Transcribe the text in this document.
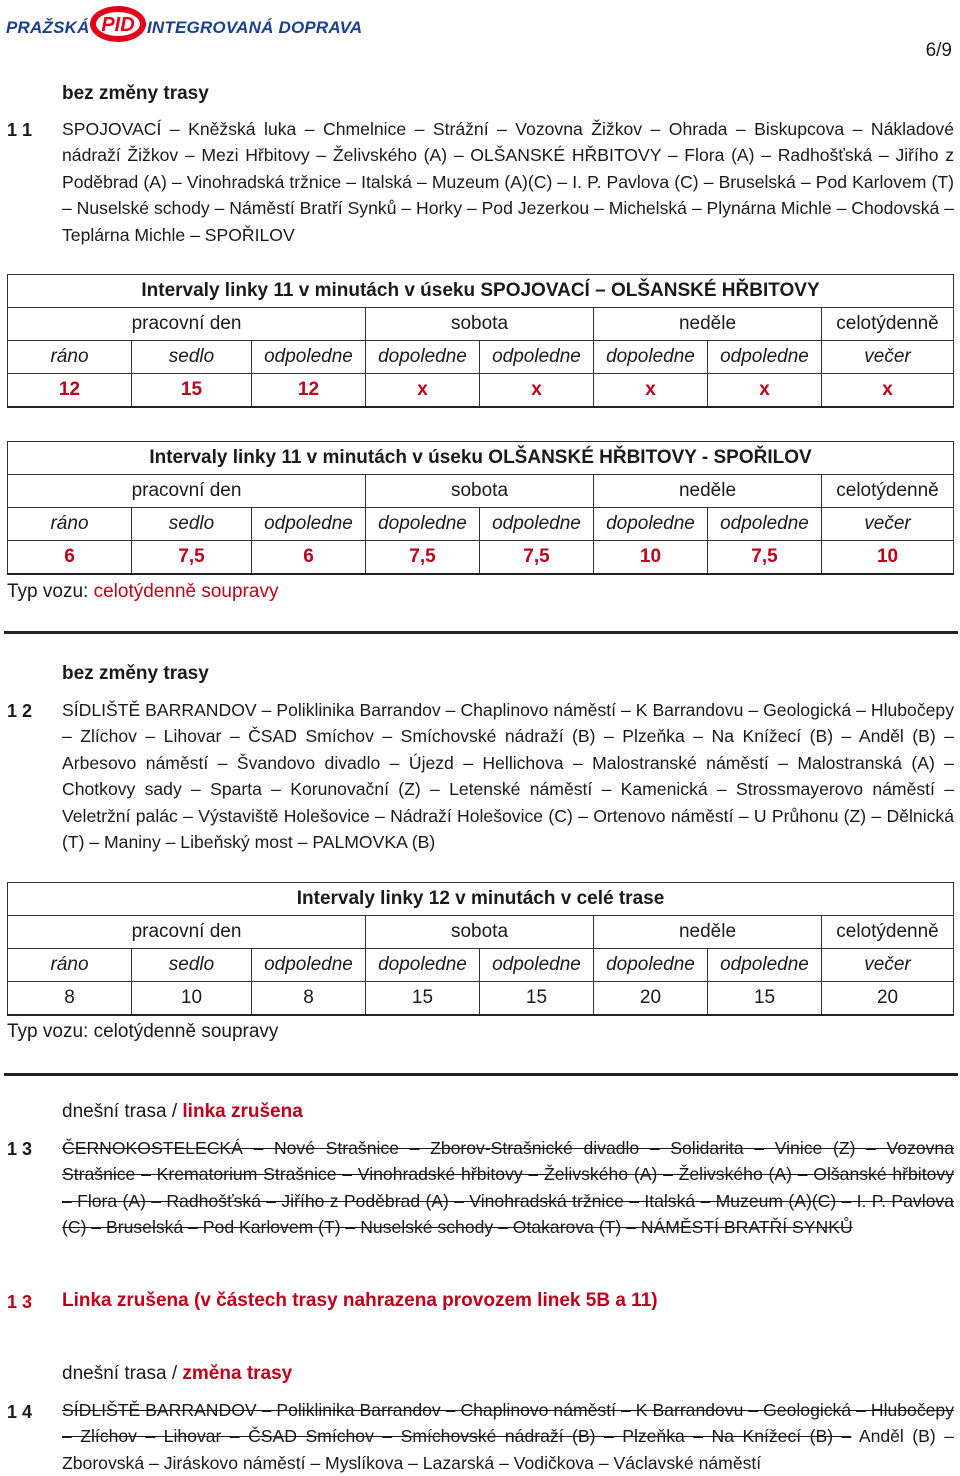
PRAŽSKÁ PID INTEGROVANÁ DOPRAVA
6/9
bez změny trasy
1 1 SPOJOVACÍ – Kněžská luka – Chmelnice – Strážní – Vozovna Žižkov – Ohrada – Biskupcova – Nákladové nádraží Žižkov – Mezi Hřbitovy – Želivského (A) – OLŠANSKÉ HŘBITOVY – Flora (A) – Radhošťská – Jiřího z Poděbrad (A) – Vinohradská tržnice – Italská – Muzeum (A)(C) – I. P. Pavlova (C) – Bruselská – Pod Karlovem (T) – Nuselské schody – Náměstí Bratří Synků – Horky – Pod Jezerkou – Michelská – Plynárna Michle – Chodovská – Teplárna Michle – SPOŘILOV
Intervaly linky 11 v minutách v úseku SPOJOVACÍ – OLŠANSKÉ HŘBITOVY							
pracovní den			sobota		neděle		celotýdenně
ráno	sedlo	odpoledne	dopoledne	odpoledne	dopoledne	odpoledne	večer
12	15	12	x	x	x	x	x
Intervaly linky 11 v minutách v úseku OLŠANSKÉ HŘBITOVY - SPOŘILOV							
pracovní den			sobota		neděle		celotýdenně
ráno	sedlo	odpoledne	dopoledne	odpoledne	dopoledne	odpoledne	večer
6	7,5	6	7,5	7,5	10	7,5	10
Typ vozu: celotýdenně soupravy
bez změny trasy
1 2 SÍDLIŠTĚ BARRANDOV – Poliklinika Barrandov – Chaplinovo náměstí – K Barrandovu – Geologická – Hlubočepy – Zlíchov – Lihovar – ČSAD Smíchov – Smíchovské nádraží (B) – Plzeňka – Na Knížecí (B) – Anděl (B) – Arbesovo náměstí – Švandovo divadlo – Újezd – Hellichova – Malostranské náměstí – Malostranská (A) – Chotkovy sady – Sparta – Korunovační (Z) – Letenské náměstí – Kamenická – Strossmayerovo náměstí – Veletržní palác – Výstaviště Holešovice – Nádraží Holešovice (C) – Ortenovo náměstí – U Průhonu (Z) – Dělnická (T) – Maniny – Libeňský most – PALMOVKA (B)
Intervaly linky 12 v minutách v celé trase							
pracovní den			sobota		neděle		celotýdenně
ráno	sedlo	odpoledne	dopoledne	odpoledne	dopoledne	odpoledne	večer
8	10	8	15	15	20	15	20
Typ vozu: celotýdenně soupravy
dnešní trasa / linka zrušena
1 3 ČERNOKOSTELECKÁ – Nové Strašnice – Zborov-Strašnické divadlo – Solidarita – Vinice (Z) – Vozovna Strašnice – Krematorium Strašnice – Vinohradské hřbitovy – Želivského (A) – Želivského (A) – Olšanské hřbitovy – Flora (A) – Radhošťská – Jiřího z Poděbrad (A) – Vinohradská tržnice – Italská – Muzeum (A)(C) – I. P. Pavlova (C) – Bruselská – Pod Karlovem (T) – Nuselské schody – Otakarova (T) – NÁMĚSTÍ BRATŘÍ SYNKŮ
1 3 Linka zrušena (v částech trasy nahrazena provozem linek 5B a 11)
dnešní trasa / změna trasy
1 4 SÍDLIŠTĚ BARRANDOV – Poliklinika Barrandov – Chaplinovo náměstí – K Barrandovu – Geologická – Hlubočepy – Zlíchov – Lihovar – ČSAD Smíchov – Smíchovské nádraží (B) – Plzeňka – Na Knížecí (B) – Anděl (B) – Zborovská – Jiráskovo náměstí – Myslíkova – Lazarská – Vodičkova – Václavské náměstí
